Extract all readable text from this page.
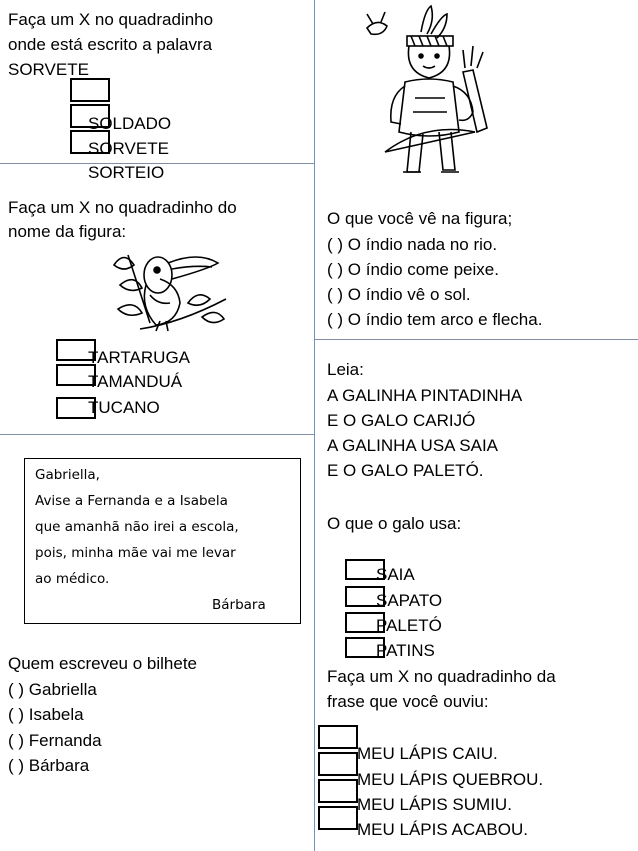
Faça um X no quadradinho
onde está escrito a palavra
SORVETE
SOLDADO
SORVETE
SORTEIO
Faça um X no quadradinho do
nome da figura:
TARTARUGA
TAMANDUÁ
TUCANO
Gabriella,
Avise a Fernanda e a Isabela
que amanhã não irei a escola,
pois, minha mãe vai me levar
ao médico.
Bárbara
Quem escreveu o bilhete
( ) Gabriella
( ) Isabela
( ) Fernanda
( ) Bárbara
O que você vê na figura;
( ) O índio nada no rio.
( ) O índio come peixe.
( ) O índio vê o sol.
( ) O índio tem arco e flecha.
Leia:
A GALINHA PINTADINHA
E O GALO CARIJÓ
A GALINHA USA SAIA
E O GALO PALETÓ.
O que o galo usa:
SAIA
SAPATO
PALETÓ
PATINS
Faça um X no quadradinho da
frase que você ouviu:
MEU LÁPIS CAIU.
MEU LÁPIS QUEBROU.
MEU LÁPIS SUMIU.
MEU LÁPIS ACABOU.
